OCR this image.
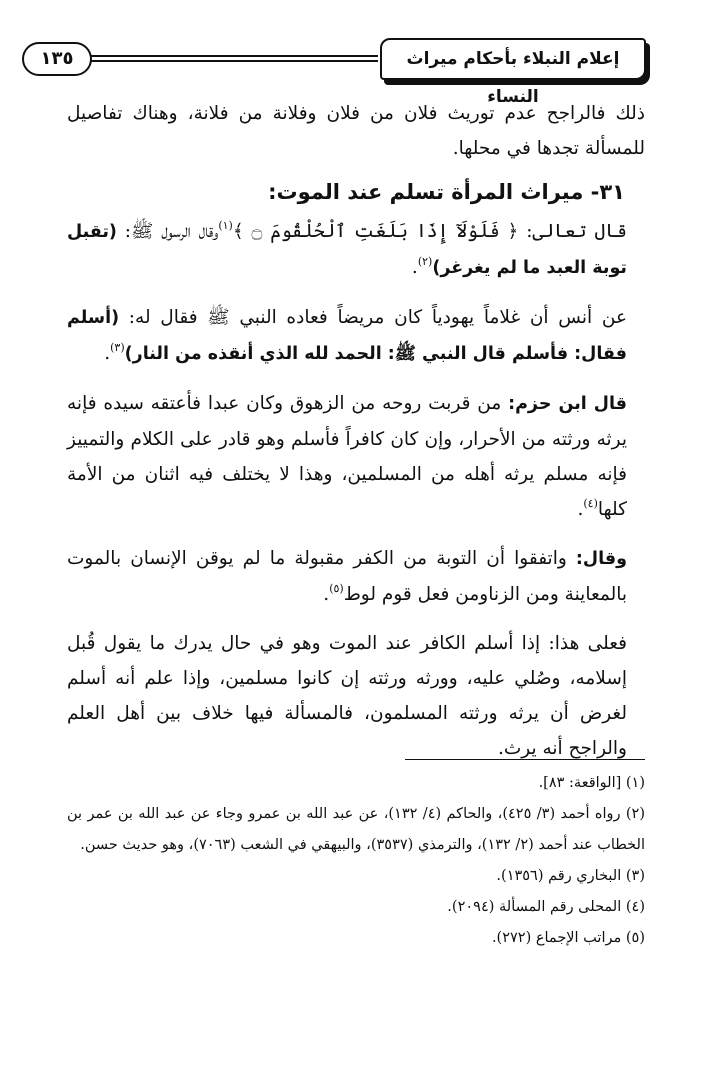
١٣٥	إعلام النبلاء بأحكام ميراث النساء

ذلك فالراجح عدم توريث فلان من فلان وفلانة من فلانة، وهناك تفاصيل للمسألة تجدها في محلها.

٣١- ميراث المرأة تسلم عند الموت:

قال تعالى: ﴿ فَلَوْلَآ إِذَا بَلَغَتِ ٱلْحُلْقُومَ ۝ ﴾$^{(١)}$وقال الرسول ﷺ: (تقبل توبة العبد ما لم يغرغر)$^{(٢)}$.

عن أنس أن غلاماً يهودياً كان مريضاً فعاده النبي ﷺ فقال له: (أسلم فقال: فأسلم قال النبي ﷺ: الحمد لله الذي أنقذه من النار)$^{(٣)}$.

قال ابن حزم: من قربت روحه من الزهوق وكان عبدا فأعتقه سيده فإنه يرثه ورثته من الأحرار، وإن كان كافراً فأسلم وهو قادر على الكلام والتمييز فإنه مسلم يرثه أهله من المسلمين، وهذا لا يختلف فيه اثنان من الأمة كلها$^{(٤)}$.

وقال: واتفقوا أن التوبة من الكفر مقبولة ما لم يوقن الإنسان بالموت بالمعاينة ومن الزناومن فعل قوم لوط$^{(٥)}$.

فعلى هذا: إذا أسلم الكافر عند الموت وهو في حال يدرك ما يقول قُبل إسلامه، وصُلي عليه، وورثه ورثته إن كانوا مسلمين، وإذا علم أنه أسلم لغرض أن يرثه ورثته المسلمون، فالمسألة فيها خلاف بين أهل العلم والراجح أنه يرث.

(١) [الواقعة: ٨٣].

(٢) رواه أحمد (٣/ ٤٢٥)، والحاكم (٤/ ١٣٢)، عن عبد الله بن عمرو وجاء عن عبد الله بن عمر بن الخطاب عند أحمد (٢/ ١٣٢)، والترمذي (٣٥٣٧)، والبيهقي في الشعب (٧٠٦٣)، وهو حديث حسن.

(٣) البخاري رقم (١٣٥٦).

(٤) المحلى رقم المسألة (٢٠٩٤).

(٥) مراتب الإجماع (٢٧٢).
